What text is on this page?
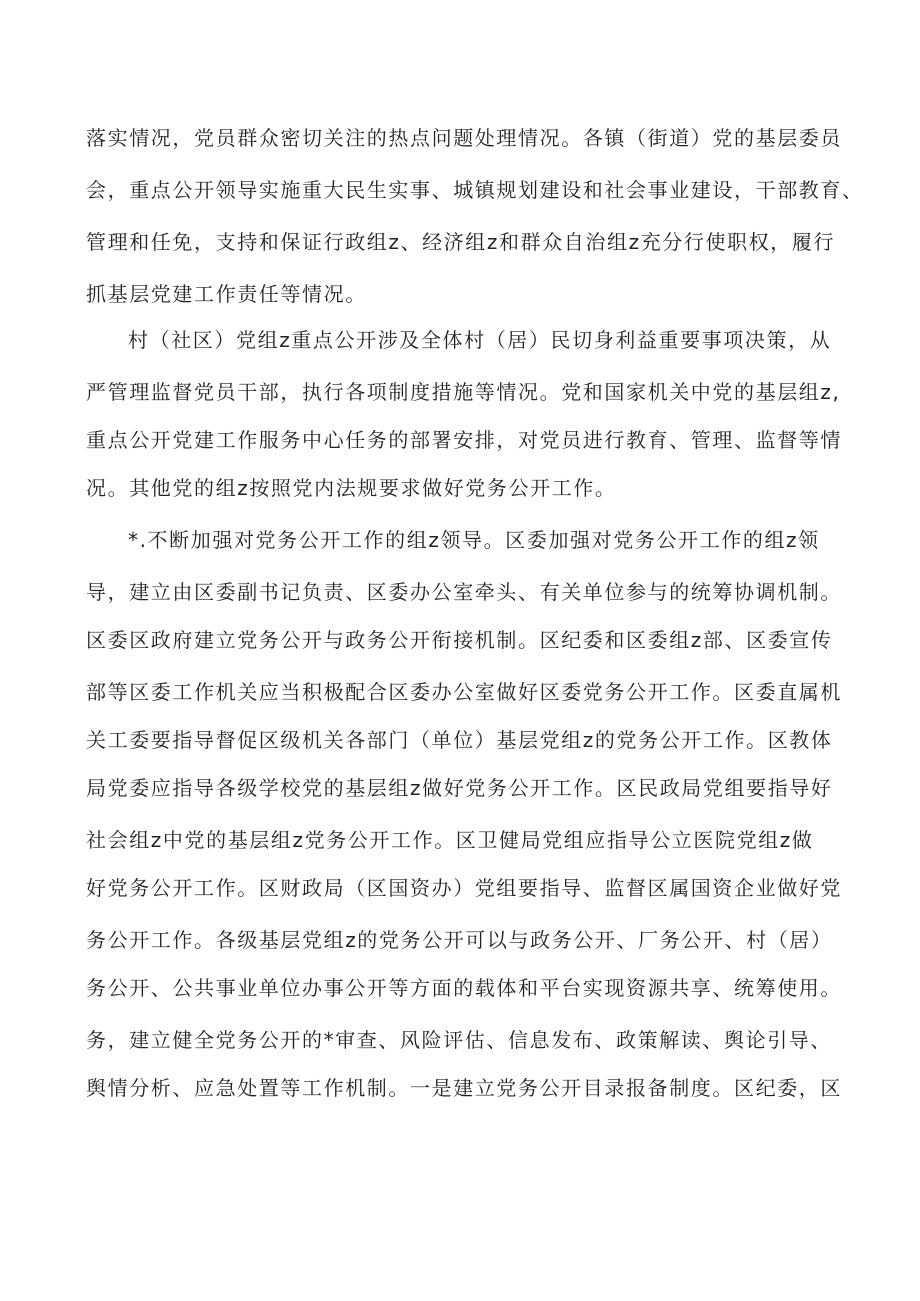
落实情况，党员群众密切关注的热点问题处理情况。各镇（街道）党的基层委员
会，重点公开领导实施重大民生实事、城镇规划建设和社会事业建设，干部教育、
管理和任免，支持和保证行政组z、经济组z和群众自治组z充分行使职权，履行
抓基层党建工作责任等情况。
村（社区）党组z重点公开涉及全体村（居）民切身利益重要事项决策，从
严管理监督党员干部，执行各项制度措施等情况。党和国家机关中党的基层组z,
重点公开党建工作服务中心任务的部署安排，对党员进行教育、管理、监督等情
况。其他党的组z按照党内法规要求做好党务公开工作。
*.不断加强对党务公开工作的组z领导。区委加强对党务公开工作的组z领
导，建立由区委副书记负责、区委办公室牵头、有关单位参与的统筹协调机制。
区委区政府建立党务公开与政务公开衔接机制。区纪委和区委组z部、区委宣传
部等区委工作机关应当积极配合区委办公室做好区委党务公开工作。区委直属机
关工委要指导督促区级机关各部门（单位）基层党组z的党务公开工作。区教体
局党委应指导各级学校党的基层组z做好党务公开工作。区民政局党组要指导好
社会组z中党的基层组z党务公开工作。区卫健局党组应指导公立医院党组z做
好党务公开工作。区财政局（区国资办）党组要指导、监督区属国资企业做好党
务公开工作。各级基层党组z的党务公开可以与政务公开、厂务公开、村（居）
务公开、公共事业单位办事公开等方面的载体和平台实现资源共享、统筹使用。
务，建立健全党务公开的*审查、风险评估、信息发布、政策解读、舆论引导、
舆情分析、应急处置等工作机制。一是建立党务公开目录报备制度。区纪委，区
